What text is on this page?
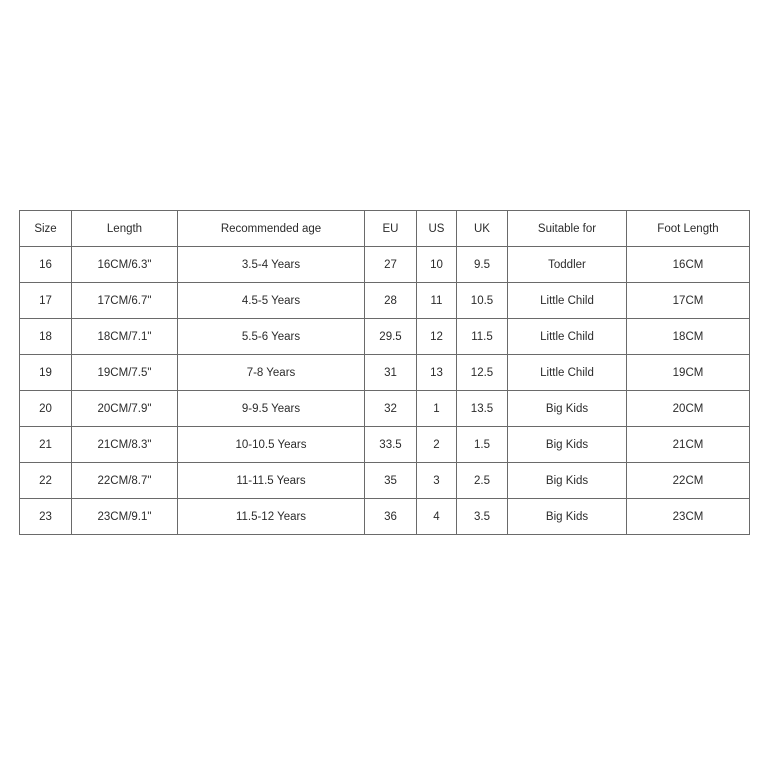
Size	Length	Recommended age	EU	US	UK	Suitable for	Foot Length
16	16CM/6.3"	3.5-4 Years	27	10	9.5	Toddler	16CM
17	17CM/6.7"	4.5-5 Years	28	11	10.5	Little Child	17CM
18	18CM/7.1"	5.5-6 Years	29.5	12	11.5	Little Child	18CM
19	19CM/7.5"	7-8 Years	31	13	12.5	Little Child	19CM
20	20CM/7.9"	9-9.5 Years	32	1	13.5	Big Kids	20CM
21	21CM/8.3"	10-10.5 Years	33.5	2	1.5	Big Kids	21CM
22	22CM/8.7"	11-11.5 Years	35	3	2.5	Big Kids	22CM
23	23CM/9.1"	11.5-12 Years	36	4	3.5	Big Kids	23CM
